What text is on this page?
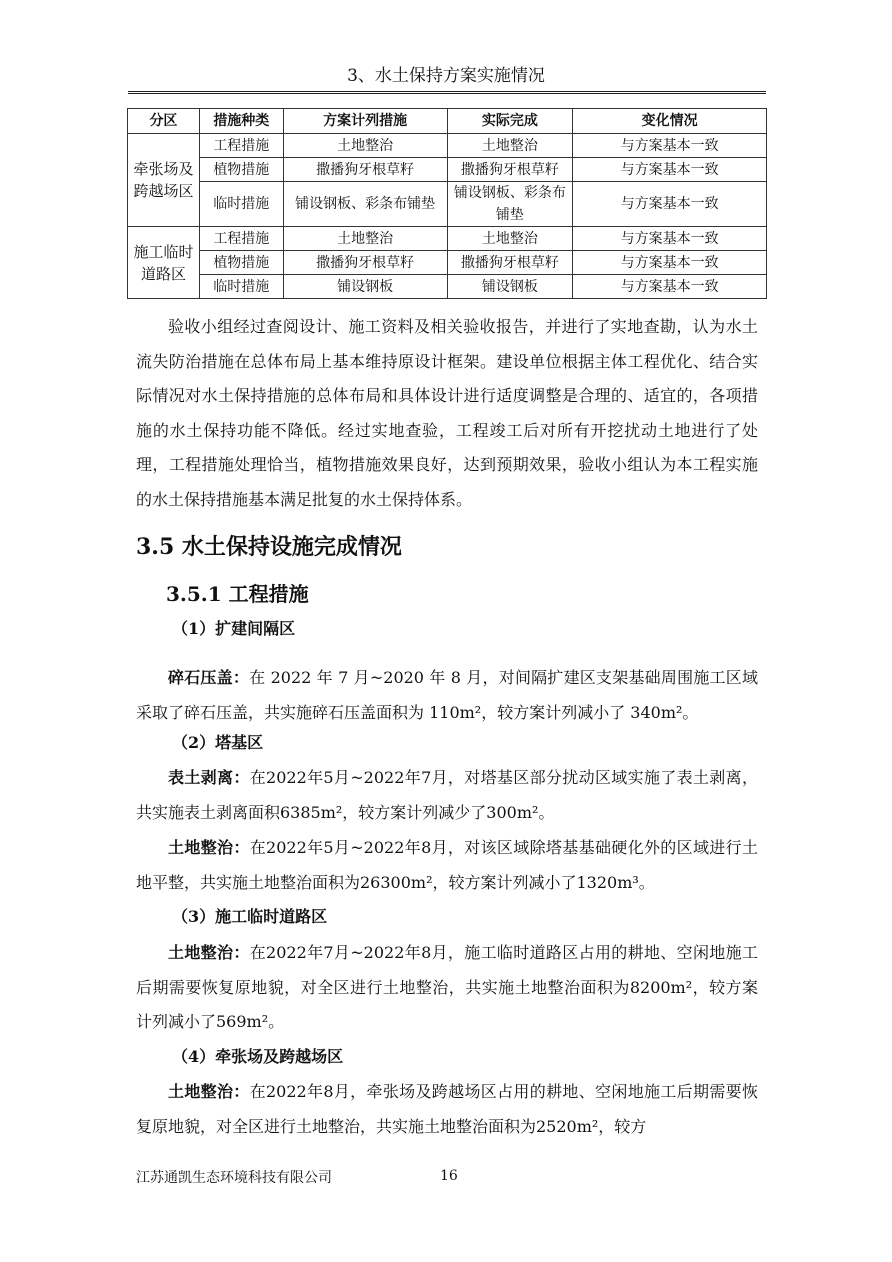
3、水土保持方案实施情况
分区	措施种类	方案计列措施	实际完成	变化情况
牵张场及跨越场区	工程措施	土地整治	土地整治	与方案基本一致
	植物措施	撒播狗牙根草籽	撒播狗牙根草籽	与方案基本一致
	临时措施	铺设钢板、彩条布铺垫	铺设钢板、彩条布铺垫	与方案基本一致
施工临时道路区	工程措施	土地整治	土地整治	与方案基本一致
	植物措施	撒播狗牙根草籽	撒播狗牙根草籽	与方案基本一致
	临时措施	铺设钢板	铺设钢板	与方案基本一致

验收小组经过查阅设计、施工资料及相关验收报告，并进行了实地查勘，认为水土流失防治措施在总体布局上基本维持原设计框架。建设单位根据主体工程优化、结合实际情况对水土保持措施的总体布局和具体设计进行适度调整是合理的、适宜的，各项措施的水土保持功能不降低。经过实地查验，工程竣工后对所有开挖扰动土地进行了处理，工程措施处理恰当，植物措施效果良好，达到预期效果，验收小组认为本工程实施的水土保持措施基本满足批复的水土保持体系。

3.5 水土保持设施完成情况
3.5.1 工程措施
（1）扩建间隔区

碎石压盖：在 2022 年 7 月~2020 年 8 月，对间隔扩建区支架基础周围施工区域采取了碎石压盖，共实施碎石压盖面积为 110m²，较方案计列减小了 340m²。

（2）塔基区

表土剥离：在2022年5月~2022年7月，对塔基区部分扰动区域实施了表土剥离，共实施表土剥离面积6385m²，较方案计列减少了300m²。

土地整治：在2022年5月~2022年8月，对该区域除塔基基础硬化外的区域进行土地平整，共实施土地整治面积为26300m²，较方案计列减小了1320m³。

（3）施工临时道路区

土地整治：在2022年7月~2022年8月，施工临时道路区占用的耕地、空闲地施工后期需要恢复原地貌，对全区进行土地整治，共实施土地整治面积为8200m²，较方案计列减小了569m²。

（4）牵张场及跨越场区

土地整治：在2022年8月，牵张场及跨越场区占用的耕地、空闲地施工后期需要恢复原地貌，对全区进行土地整治，共实施土地整治面积为2520m²，较方

江苏通凯生态环境科技有限公司	16
